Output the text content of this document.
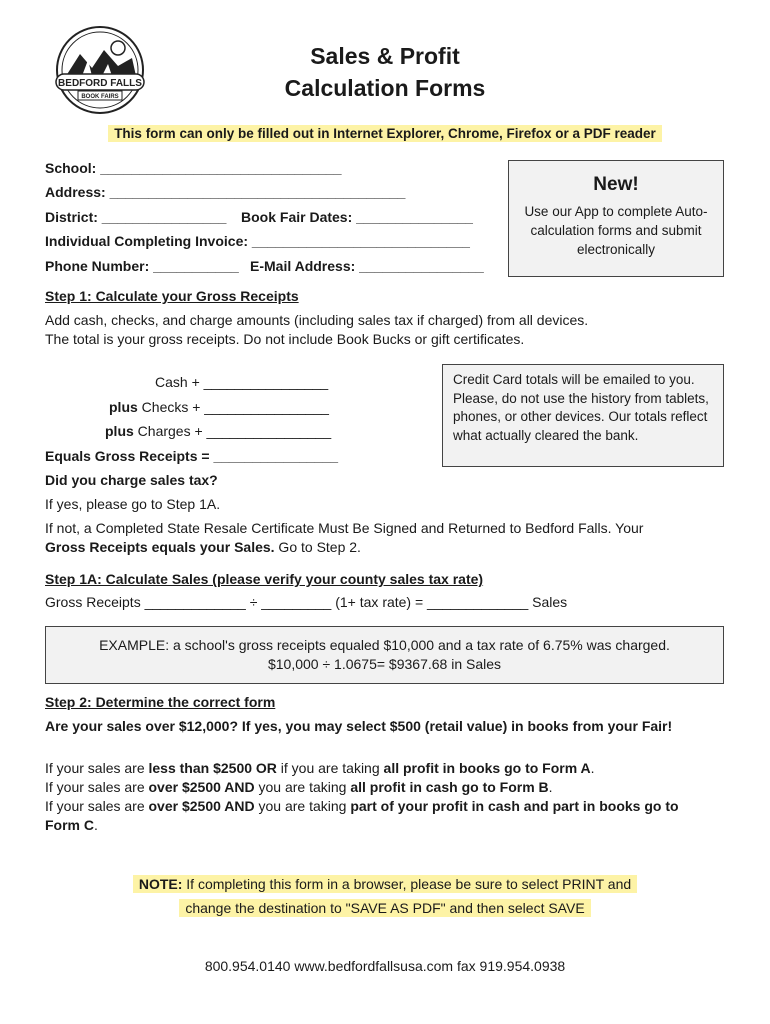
BEDFORD FALLS
BOOK FAIRS
Sales & Profit
Calculation Forms
This form can only be filled out in Internet Explorer, Chrome, Firefox or a PDF reader
School: _______________________________
Address: ______________________________________
District: ________________ Book Fair Dates: _______________
Individual Completing Invoice: ____________________________
Phone Number: ___________ E-Mail Address: ________________
New!
Use our App to complete Auto-calculation forms and submit electronically
Step 1: Calculate your Gross Receipts
Add cash, checks, and charge amounts (including sales tax if charged) from all devices.
The total is your gross receipts. Do not include Book Bucks or gift certificates.
Cash + ________________
plus Checks + ________________
plus Charges + ________________
Equals Gross Receipts = ________________
Credit Card totals will be emailed to you. Please, do not use the history from tablets, phones, or other devices. Our totals reflect what actually cleared the bank.
Did you charge sales tax?
If yes, please go to Step 1A.
If not, a Completed State Resale Certificate Must Be Signed and Returned to Bedford Falls. Your
Gross Receipts equals your Sales. Go to Step 2.
Step 1A: Calculate Sales (please verify your county sales tax rate)
Gross Receipts _____________ ÷ _________ (1+ tax rate) = _____________ Sales
EXAMPLE: a school's gross receipts equaled $10,000 and a tax rate of 6.75% was charged.
$10,000 ÷ 1.0675= $9367.68 in Sales
Step 2: Determine the correct form
Are your sales over $12,000? If yes, you may select $500 (retail value) in books from your Fair!
If your sales are less than $2500 OR if you are taking all profit in books go to Form A.
If your sales are over $2500 AND you are taking all profit in cash go to Form B.
If your sales are over $2500 AND you are taking part of your profit in cash and part in books go to
Form C.
NOTE: If completing this form in a browser, please be sure to select PRINT and
change the destination to "SAVE AS PDF" and then select SAVE
800.954.0140 www.bedfordfallsusa.com fax 919.954.0938
